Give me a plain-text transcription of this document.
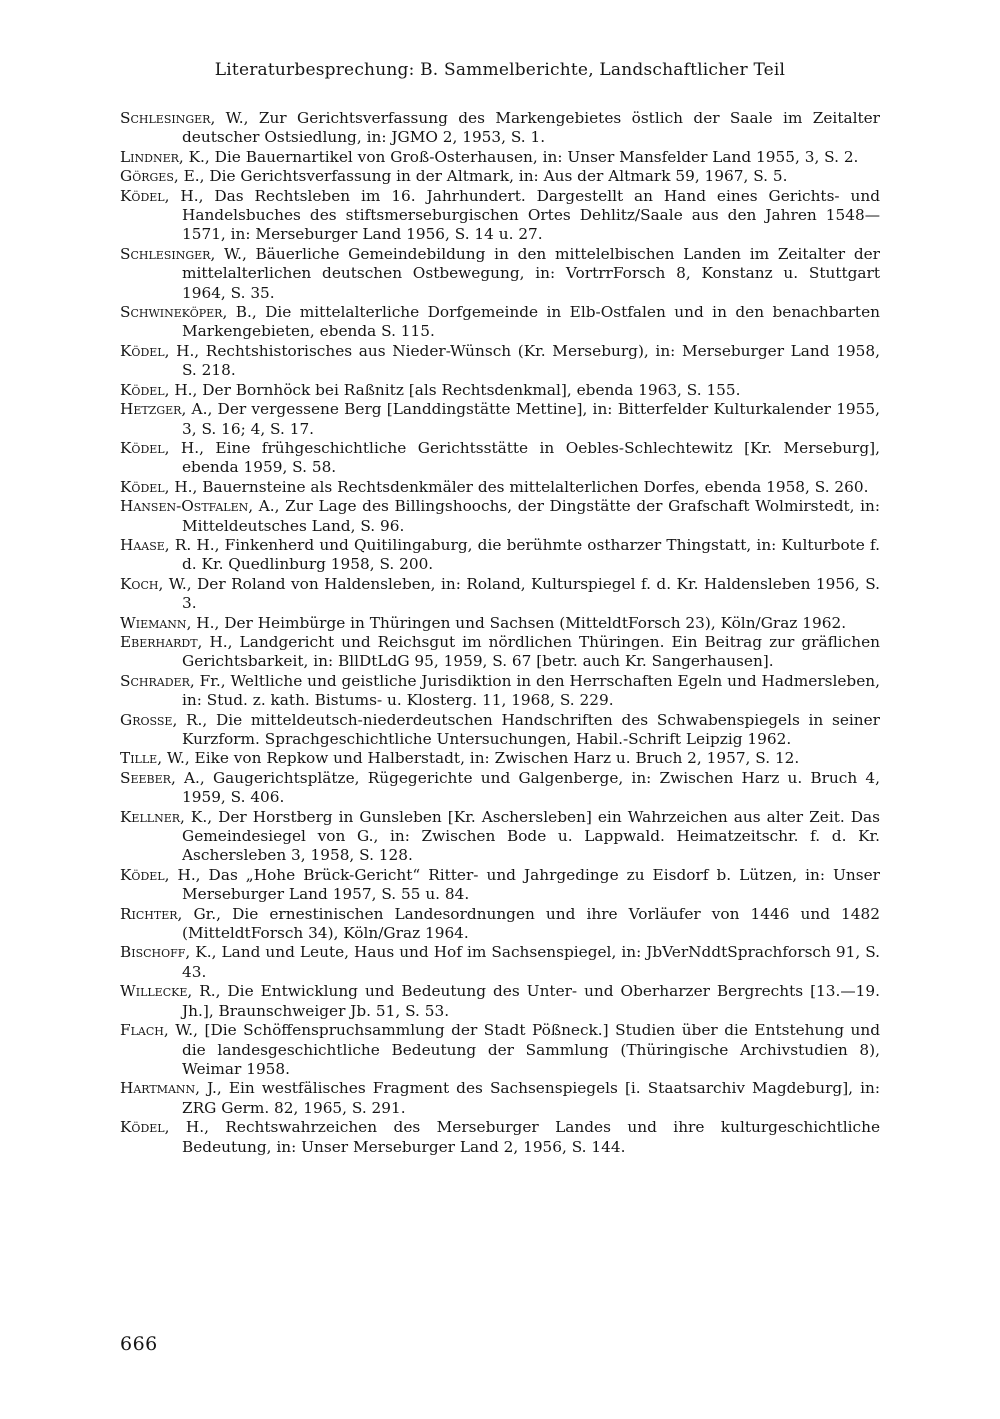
Literaturbesprechung: B. Sammelberichte, Landschaftlicher Teil
Schlesinger, W., Zur Gerichtsverfassung des Markengebietes östlich der Saale im Zeitalter deutscher Ostsiedlung, in: JGMO 2, 1953, S. 1.
Lindner, K., Die Bauernartikel von Groß-Osterhausen, in: Unser Mansfelder Land 1955, 3, S. 2.
Görges, E., Die Gerichtsverfassung in der Altmark, in: Aus der Altmark 59, 1967, S. 5.
Ködel, H., Das Rechtsleben im 16. Jahrhundert. Dargestellt an Hand eines Gerichts- und Handelsbuches des stiftsmerseburgischen Ortes Dehlitz/Saale aus den Jahren 1548—1571, in: Merseburger Land 1956, S. 14 u. 27.
Schlesinger, W., Bäuerliche Gemeindebildung in den mittelelbischen Landen im Zeitalter der mittelalterlichen deutschen Ostbewegung, in: VortrrForsch 8, Konstanz u. Stuttgart 1964, S. 35.
Schwineköper, B., Die mittelalterliche Dorfgemeinde in Elb-Ostfalen und in den benachbarten Markengebieten, ebenda S. 115.
Ködel, H., Rechtshistorisches aus Nieder-Wünsch (Kr. Merseburg), in: Merseburger Land 1958, S. 218.
Ködel, H., Der Bornhöck bei Raßnitz [als Rechtsdenkmal], ebenda 1963, S. 155.
Hetzger, A., Der vergessene Berg [Landdingstätte Mettine], in: Bitterfelder Kulturkalender 1955, 3, S. 16; 4, S. 17.
Ködel, H., Eine frühgeschichtliche Gerichtsstätte in Oebles-Schlechtewitz [Kr. Merseburg], ebenda 1959, S. 58.
Ködel, H., Bauernsteine als Rechtsdenkmäler des mittelalterlichen Dorfes, ebenda 1958, S. 260.
Hansen-Ostfalen, A., Zur Lage des Billingshoochs, der Dingstätte der Grafschaft Wolmirstedt, in: Mitteldeutsches Land, S. 96.
Haase, R. H., Finkenherd und Quitilingaburg, die berühmte ostharzer Thingstatt, in: Kulturbote f. d. Kr. Quedlinburg 1958, S. 200.
Koch, W., Der Roland von Haldensleben, in: Roland, Kulturspiegel f. d. Kr. Haldensleben 1956, S. 3.
Wiemann, H., Der Heimbürge in Thüringen und Sachsen (MitteldtForsch 23), Köln/Graz 1962.
Eberhardt, H., Landgericht und Reichsgut im nördlichen Thüringen. Ein Beitrag zur gräflichen Gerichtsbarkeit, in: BllDtLdG 95, 1959, S. 67 [betr. auch Kr. Sangerhausen].
Schrader, Fr., Weltliche und geistliche Jurisdiktion in den Herrschaften Egeln und Hadmersleben, in: Stud. z. kath. Bistums- u. Klosterg. 11, 1968, S. 229.
Grosse, R., Die mitteldeutsch-niederdeutschen Handschriften des Schwabenspiegels in seiner Kurzform. Sprachgeschichtliche Untersuchungen, Habil.-Schrift Leipzig 1962.
Tille, W., Eike von Repkow und Halberstadt, in: Zwischen Harz u. Bruch 2, 1957, S. 12.
Seeber, A., Gaugerichtsplätze, Rügegerichte und Galgenberge, in: Zwischen Harz u. Bruch 4, 1959, S. 406.
Kellner, K., Der Horstberg in Gunsleben [Kr. Aschersleben] ein Wahrzeichen aus alter Zeit. Das Gemeindesiegel von G., in: Zwischen Bode u. Lappwald. Heimatzeitschr. f. d. Kr. Aschersleben 3, 1958, S. 128.
Ködel, H., Das „Hohe Brück-Gericht“ Ritter- und Jahrgedinge zu Eisdorf b. Lützen, in: Unser Merseburger Land 1957, S. 55 u. 84.
Richter, Gr., Die ernestinischen Landesordnungen und ihre Vorläufer von 1446 und 1482 (MitteldtForsch 34), Köln/Graz 1964.
Bischoff, K., Land und Leute, Haus und Hof im Sachsenspiegel, in: JbVerNddtSprachforsch 91, S. 43.
Willecke, R., Die Entwicklung und Bedeutung des Unter- und Oberharzer Bergrechts [13.—19. Jh.], Braunschweiger Jb. 51, S. 53.
Flach, W., [Die Schöffenspruchsammlung der Stadt Pößneck.] Studien über die Entstehung und die landesgeschichtliche Bedeutung der Sammlung (Thüringische Archivstudien 8), Weimar 1958.
Hartmann, J., Ein westfälisches Fragment des Sachsenspiegels [i. Staatsarchiv Magdeburg], in: ZRG Germ. 82, 1965, S. 291.
Ködel, H., Rechtswahrzeichen des Merseburger Landes und ihre kulturgeschichtliche Bedeutung, in: Unser Merseburger Land 2, 1956, S. 144.
666
